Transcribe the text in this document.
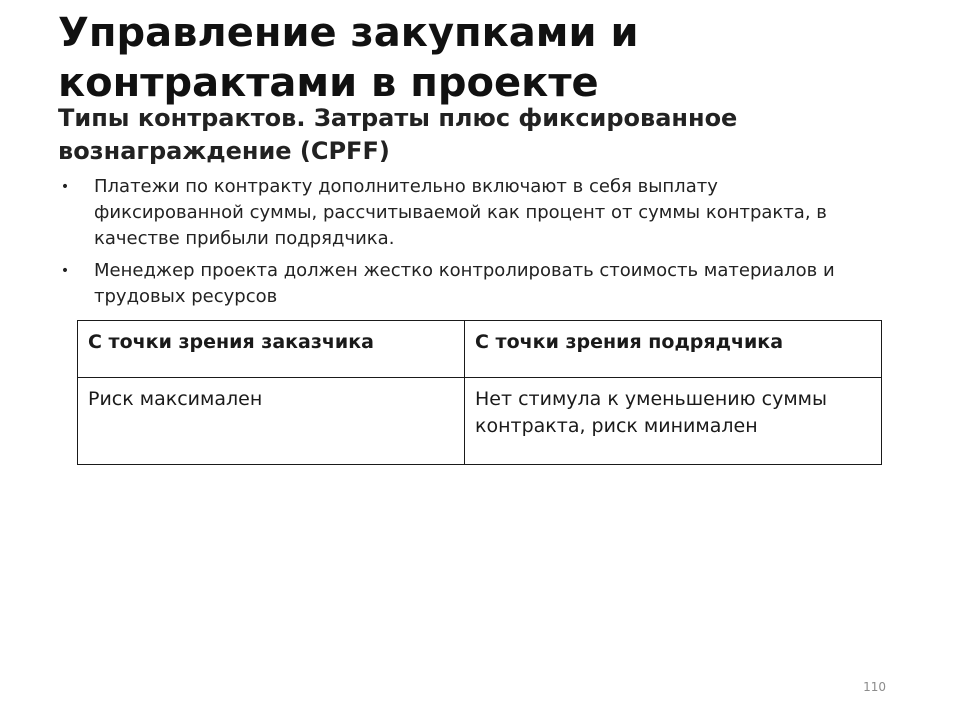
Управление закупками и контрактами в проекте
Типы контрактов. Затраты плюс фиксированное вознаграждение (CPFF)
• Платежи по контракту дополнительно включают в себя выплату фиксированной суммы, рассчитываемой как процент от суммы контракта, в качестве прибыли подрядчика.
• Менеджер проекта должен жестко контролировать стоимость материалов и трудовых ресурсов
С точки зрения заказчика	С точки зрения подрядчика
Риск максимален	Нет стимула к уменьшению суммы контракта, риск минимален
110
